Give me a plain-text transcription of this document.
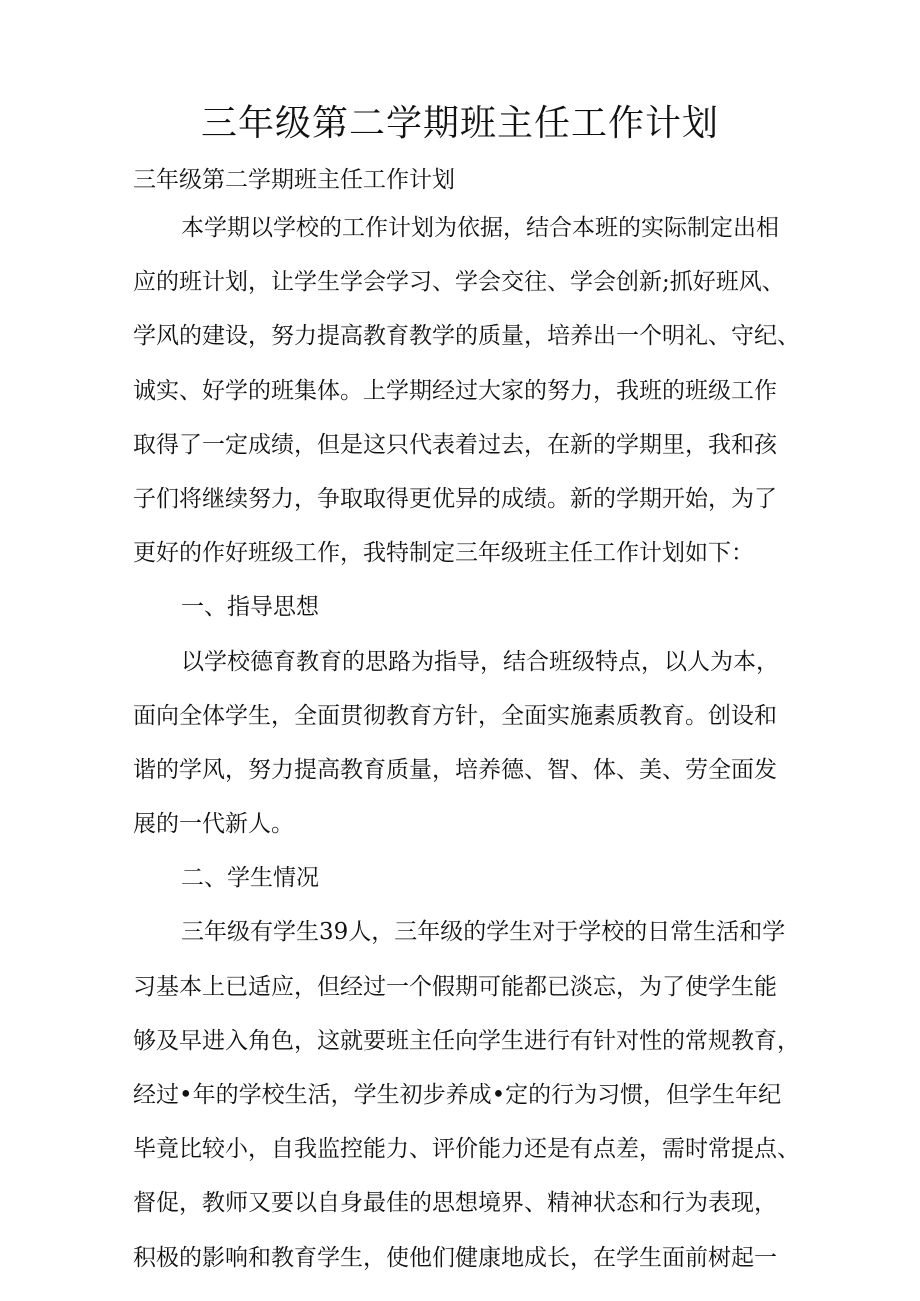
三年级第二学期班主任工作计划

三年级第二学期班主任工作计划

本学期以学校的工作计划为依据，结合本班的实际制定出相

应的班计划，让学生学会学习、学会交往、学会创新;抓好班风、

学风的建设，努力提高教育教学的质量，培养出一个明礼、守纪、

诚实、好学的班集体。上学期经过大家的努力，我班的班级工作

取得了一定成绩，但是这只代表着过去，在新的学期里，我和孩

子们将继续努力，争取取得更优异的成绩。新的学期开始，为了

更好的作好班级工作，我特制定三年级班主任工作计划如下：

一、指导思想

以学校德育教育的思路为指导，结合班级特点，以人为本，

面向全体学生，全面贯彻教育方针，全面实施素质教育。创设和

谐的学风，努力提高教育质量，培养德、智、体、美、劳全面发

展的一代新人。

二、学生情况

三年级有学生39人，三年级的学生对于学校的日常生活和学

习基本上已适应，但经过一个假期可能都已淡忘，为了使学生能

够及早进入角色，这就要班主任向学生进行有针对性的常规教育，

经过•年的学校生活，学生初步养成•定的行为习惯，但学生年纪

毕竟比较小，自我监控能力、评价能力还是有点差，需时常提点、

督促，教师又要以自身最佳的思想境界、精神状态和行为表现，

积极的影响和教育学生，使他们健康地成长，在学生面前树起一
